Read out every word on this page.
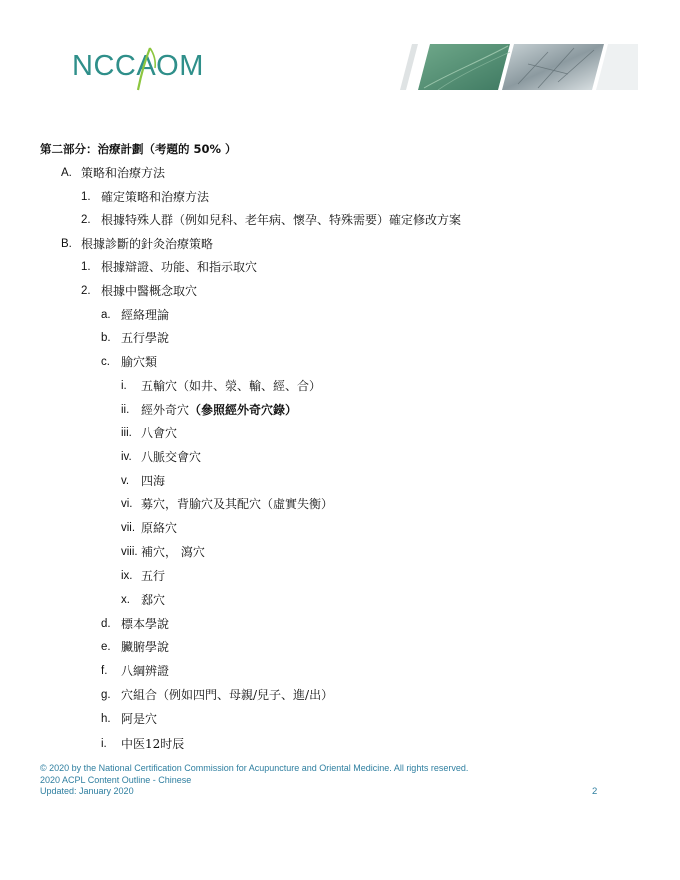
NCCAOM
第二部分：治療計劃（考題的 50% ）
A. 策略和治療方法
1. 確定策略和治療方法
2. 根據特殊人群（例如兒科、老年病、懷孕、特殊需要）確定修改方案
B. 根據診斷的針灸治療策略
1. 根據辯證、功能、和指示取穴
2. 根據中醫概念取穴
a. 經絡理論
b. 五行學說
c. 腧穴類
i. 五輸穴（如井、滎、輸、經、合）
ii. 經外奇穴（參照經外奇穴錄）
iii. 八會穴
iv. 八脈交會穴
v. 四海
vi. 募穴，背腧穴及其配穴（虛實失衡）
vii. 原絡穴
viii. 補穴， 瀉穴
ix. 五行
x. 郄穴
d. 標本學說
e. 臟腑學說
f. 八綱辨證
g. 穴組合（例如四門、母親/兒子、進/出）
h. 阿是穴
i. 中医12时辰
© 2020 by the National Certification Commission for Acupuncture and Oriental Medicine. All rights reserved.
2020 ACPL Content Outline - Chinese
Updated: January 2020	2
